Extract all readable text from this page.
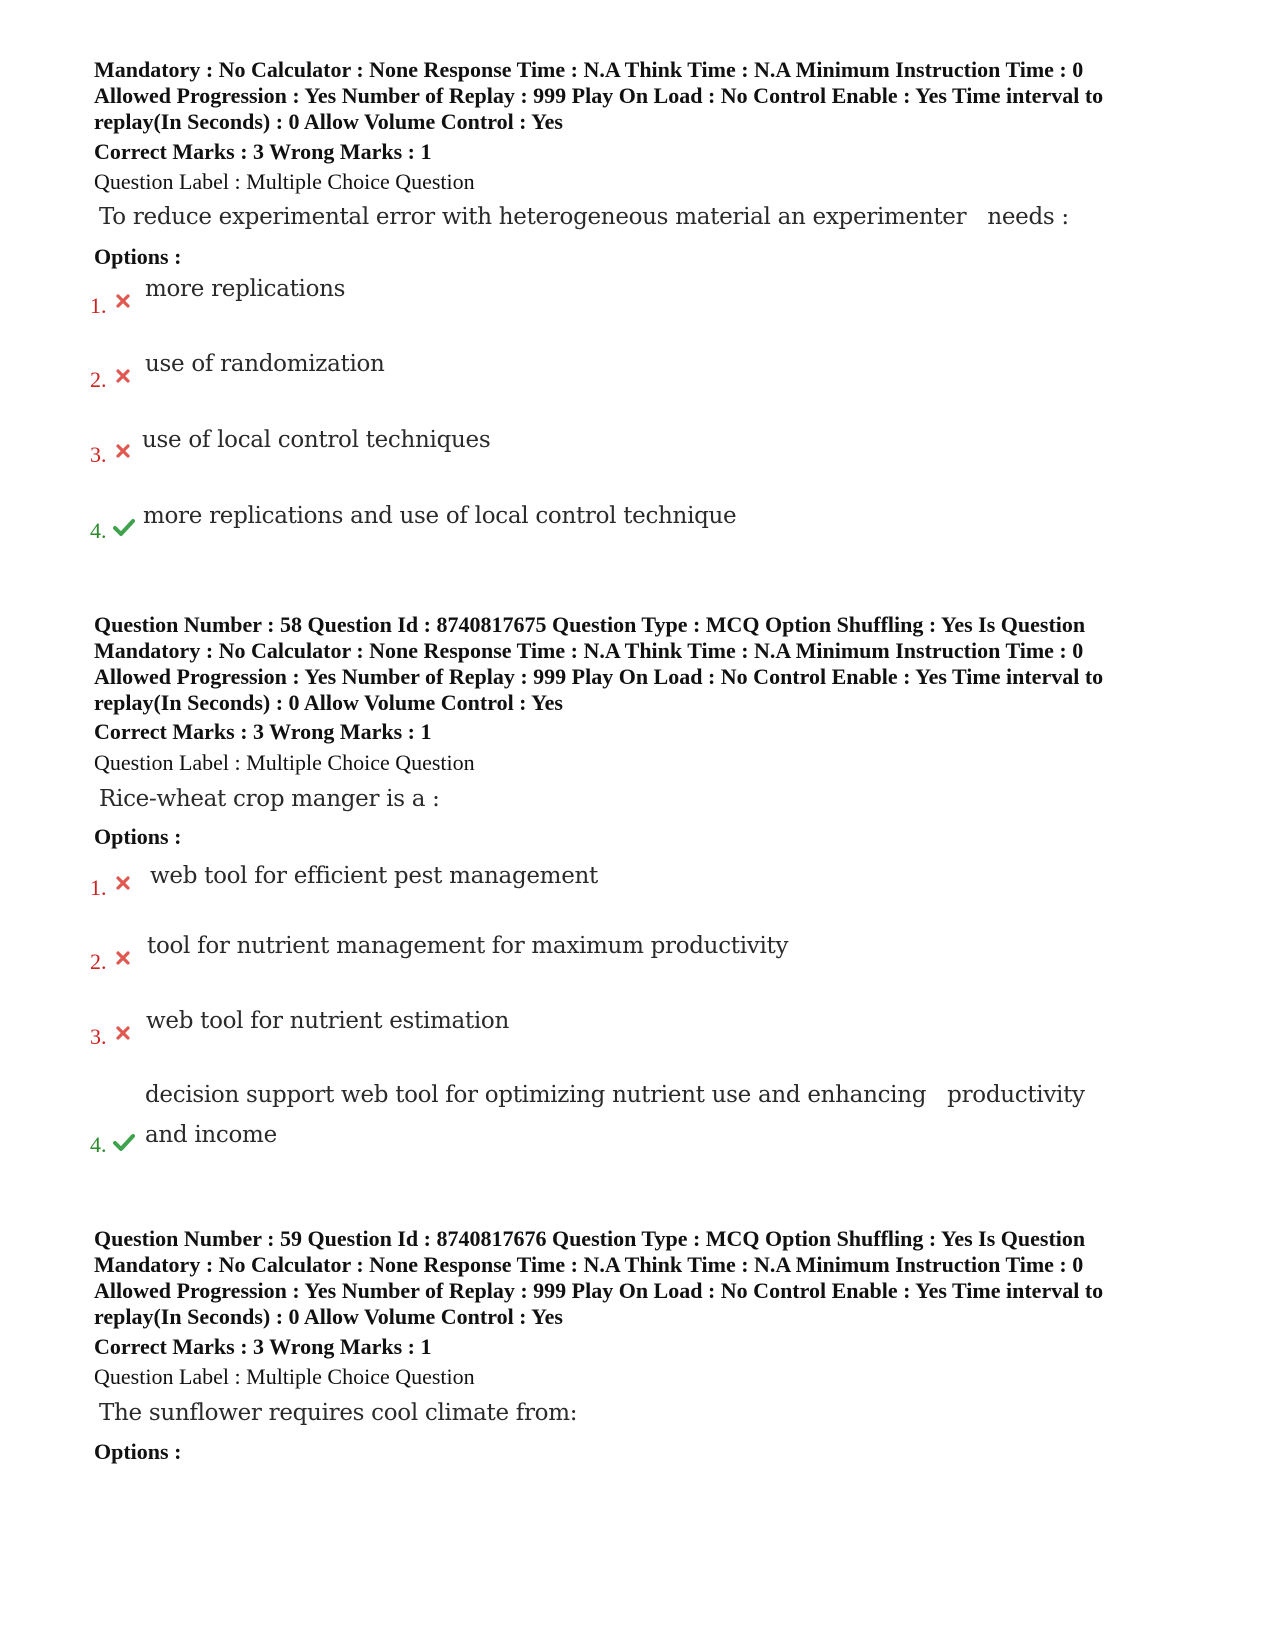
Mandatory : No Calculator : None Response Time : N.A Think Time : N.A Minimum Instruction Time : 0
Allowed Progression : Yes Number of Replay : 999 Play On Load : No Control Enable : Yes Time interval to
replay(In Seconds) : 0 Allow Volume Control : Yes
Correct Marks : 3 Wrong Marks : 1
Question Label : Multiple Choice Question
To reduce experimental error with heterogeneous material an experimenter   needs :
Options :
1.
more replications
2.
use of randomization
3.
use of local control techniques
4.
more replications and use of local control technique
Question Number : 58 Question Id : 8740817675 Question Type : MCQ Option Shuffling : Yes Is Question
Mandatory : No Calculator : None Response Time : N.A Think Time : N.A Minimum Instruction Time : 0
Allowed Progression : Yes Number of Replay : 999 Play On Load : No Control Enable : Yes Time interval to
replay(In Seconds) : 0 Allow Volume Control : Yes
Correct Marks : 3 Wrong Marks : 1
Question Label : Multiple Choice Question
Rice-wheat crop manger is a :
Options :
1. web tool for efficient pest management
2.
tool for nutrient management for maximum productivity
3.
web tool for nutrient estimation
decision support web tool for optimizing nutrient use and enhancing   productivity
4. and income
Question Number : 59 Question Id : 8740817676 Question Type : MCQ Option Shuffling : Yes Is Question
Mandatory : No Calculator : None Response Time : N.A Think Time : N.A Minimum Instruction Time : 0
Allowed Progression : Yes Number of Replay : 999 Play On Load : No Control Enable : Yes Time interval to
replay(In Seconds) : 0 Allow Volume Control : Yes
Correct Marks : 3 Wrong Marks : 1
Question Label : Multiple Choice Question
The sunflower requires cool climate from:
Options :
